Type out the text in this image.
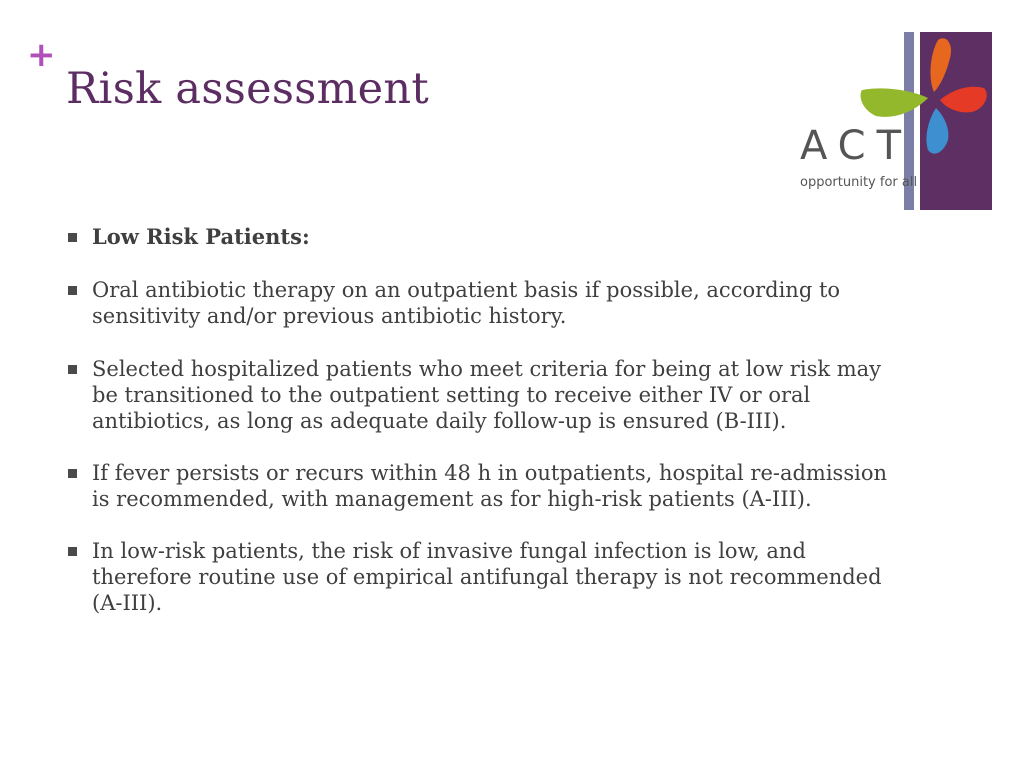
+
Risk assessment
ACT
opportunity for all
Low Risk Patients:
Oral antibiotic therapy on an outpatient basis if possible, according to sensitivity and/or previous antibiotic history.
Selected hospitalized patients who meet criteria for being at low risk may be transitioned to the outpatient setting to receive either IV or oral antibiotics, as long as adequate daily follow-up is ensured (B-III).
If fever persists or recurs within 48 h in outpatients, hospital re-admission is recommended, with management as for high-risk patients (A-III).
In low-risk patients, the risk of invasive fungal infection is low, and therefore routine use of empirical antifungal therapy is not recommended (A-III).
